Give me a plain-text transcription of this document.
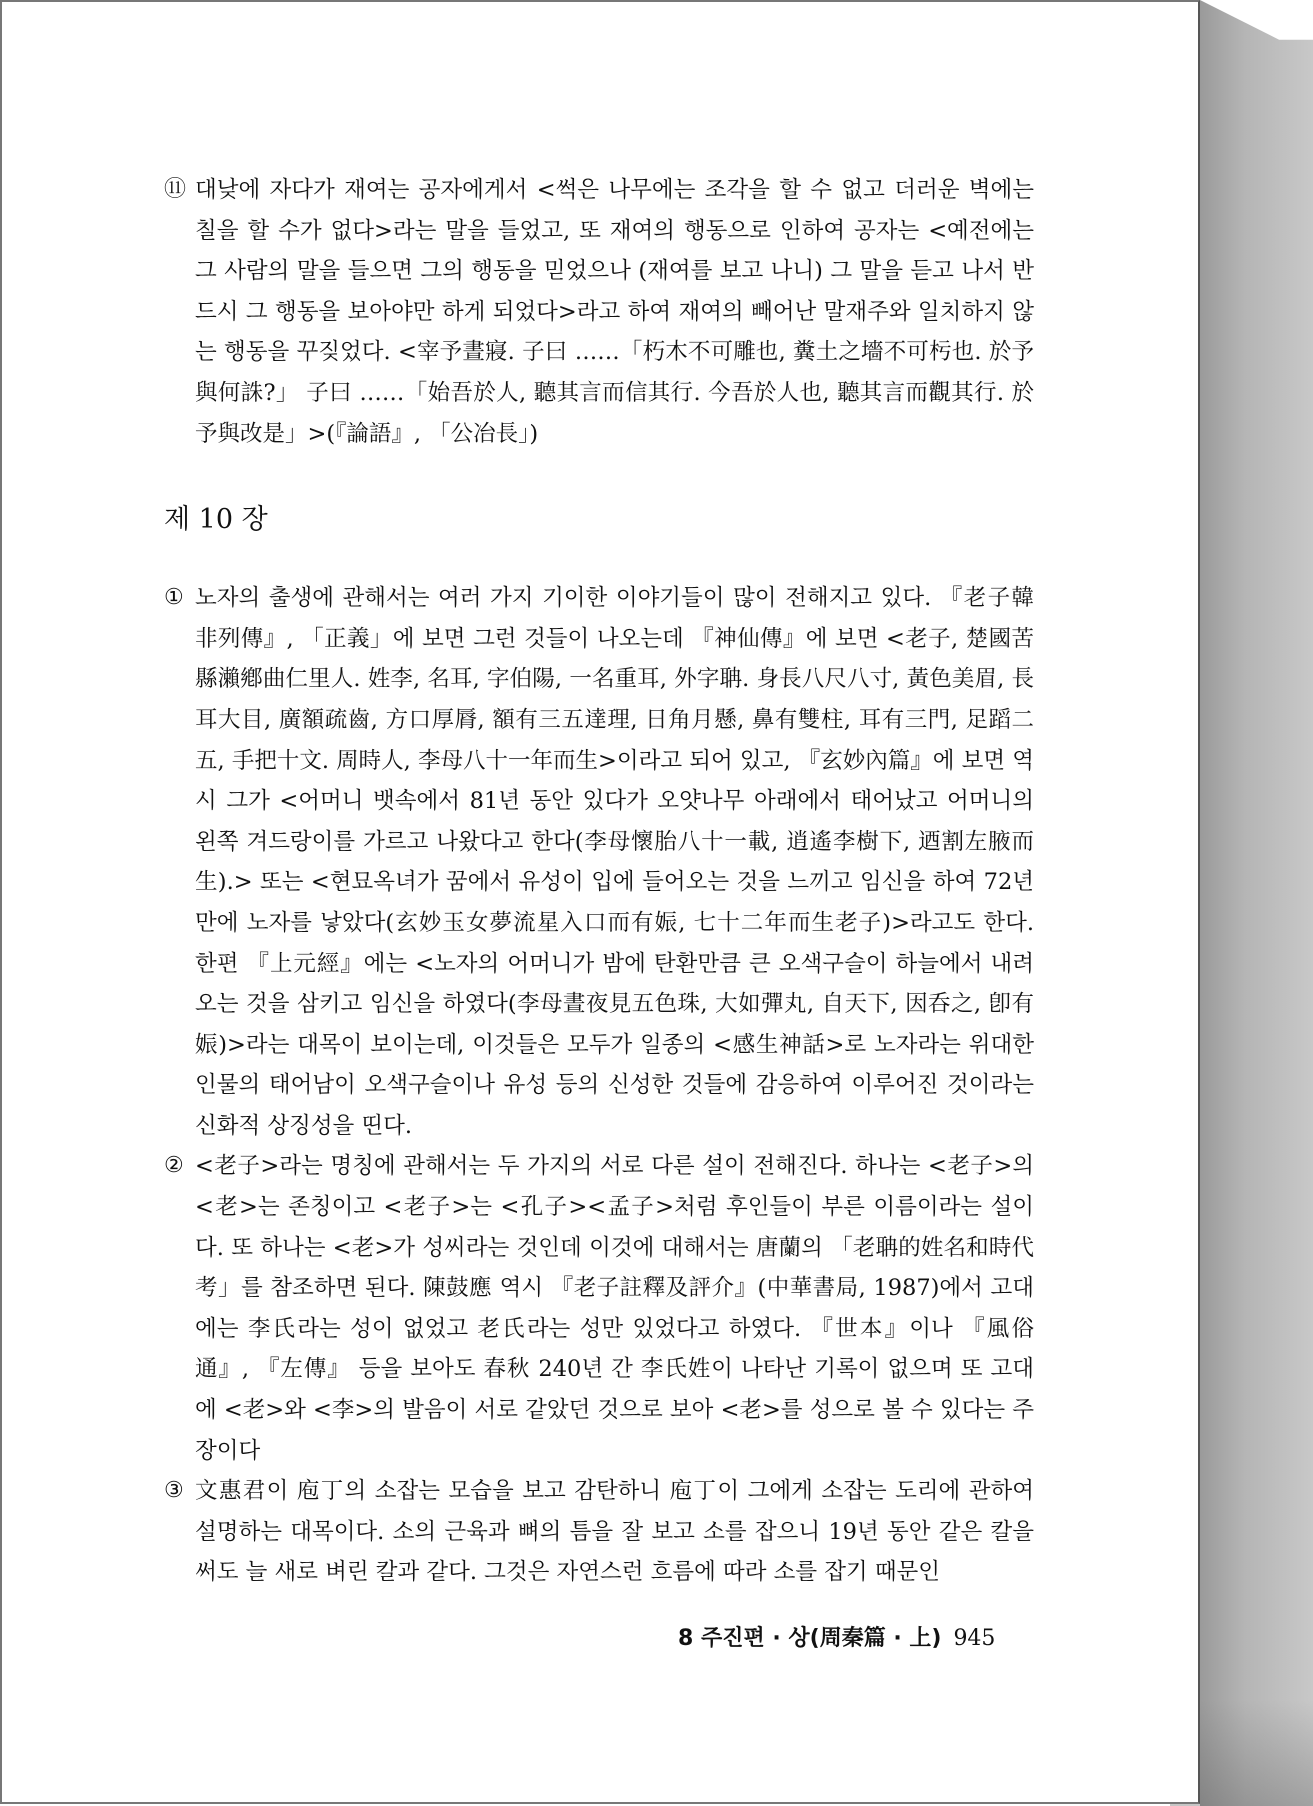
⑪ 대낮에 자다가 재여는 공자에게서 <썩은 나무에는 조각을 할 수 없고 더러운 벽에는 칠을 할 수가 없다>라는 말을 들었고, 또 재여의 행동으로 인하여 공자는 <예전에는 그 사람의 말을 들으면 그의 행동을 믿었으나 (재여를 보고 나니) 그 말을 듣고 나서 반드시 그 행동을 보아야만 하게 되었다>라고 하여 재여의 빼어난 말재주와 일치하지 않는 행동을 꾸짖었다. <宰予晝寢. 子曰 ……「朽木不可雕也, 糞土之墻不可杇也. 於予與何誅?」 子曰 ……「始吾於人, 聽其言而信其行. 今吾於人也, 聽其言而觀其行. 於予與改是」>(『論語』, 「公冶長」)

제 10 장

① 노자의 출생에 관해서는 여러 가지 기이한 이야기들이 많이 전해지고 있다. 『老子韓非列傳』, 「正義」에 보면 그런 것들이 나오는데 『神仙傳』에 보면 <老子, 楚國苦縣瀨鄕曲仁里人. 姓李, 名耳, 字伯陽, 一名重耳, 外字聃. 身長八尺八寸, 黃色美眉, 長耳大目, 廣額疏齒, 方口厚脣, 額有三五達理, 日角月懸, 鼻有雙柱, 耳有三門, 足蹈二五, 手把十文. 周時人, 李母八十一年而生>이라고 되어 있고, 『玄妙內篇』에 보면 역시 그가 <어머니 뱃속에서 81년 동안 있다가 오얏나무 아래에서 태어났고 어머니의 왼쪽 겨드랑이를 가르고 나왔다고 한다(李母懷胎八十一載, 逍遙李樹下, 迺割左腋而生).> 또는 <현묘옥녀가 꿈에서 유성이 입에 들어오는 것을 느끼고 임신을 하여 72년만에 노자를 낳았다(玄妙玉女夢流星入口而有娠, 七十二年而生老子)>라고도 한다. 한편 『上元經』에는 <노자의 어머니가 밤에 탄환만큼 큰 오색구슬이 하늘에서 내려오는 것을 삼키고 임신을 하였다(李母晝夜見五色珠, 大如彈丸, 自天下, 因呑之, 卽有娠)>라는 대목이 보이는데, 이것들은 모두가 일종의 <感生神話>로 노자라는 위대한 인물의 태어남이 오색구슬이나 유성 등의 신성한 것들에 감응하여 이루어진 것이라는 신화적 상징성을 띤다.

② <老子>라는 명칭에 관해서는 두 가지의 서로 다른 설이 전해진다. 하나는 <老子>의 <老>는 존칭이고 <老子>는 <孔子><孟子>처럼 후인들이 부른 이름이라는 설이다. 또 하나는 <老>가 성씨라는 것인데 이것에 대해서는 唐蘭의 「老聃的姓名和時代考」를 참조하면 된다. 陳鼓應 역시 『老子註釋及評介』(中華書局, 1987)에서 고대에는 李氏라는 성이 없었고 老氏라는 성만 있었다고 하였다. 『世本』이나 『風俗通』, 『左傳』 등을 보아도 春秋 240년 간 李氏姓이 나타난 기록이 없으며 또 고대에 <老>와 <李>의 발음이 서로 같았던 것으로 보아 <老>를 성으로 볼 수 있다는 주장이다

③ 文惠君이 庖丁의 소잡는 모습을 보고 감탄하니 庖丁이 그에게 소잡는 도리에 관하여 설명하는 대목이다. 소의 근육과 뼈의 틈을 잘 보고 소를 잡으니 19년 동안 같은 칼을 써도 늘 새로 벼린 칼과 같다. 그것은 자연스런 흐름에 따라 소를 잡기 때문인

8 주진편 · 상(周秦篇 · 上) 945
